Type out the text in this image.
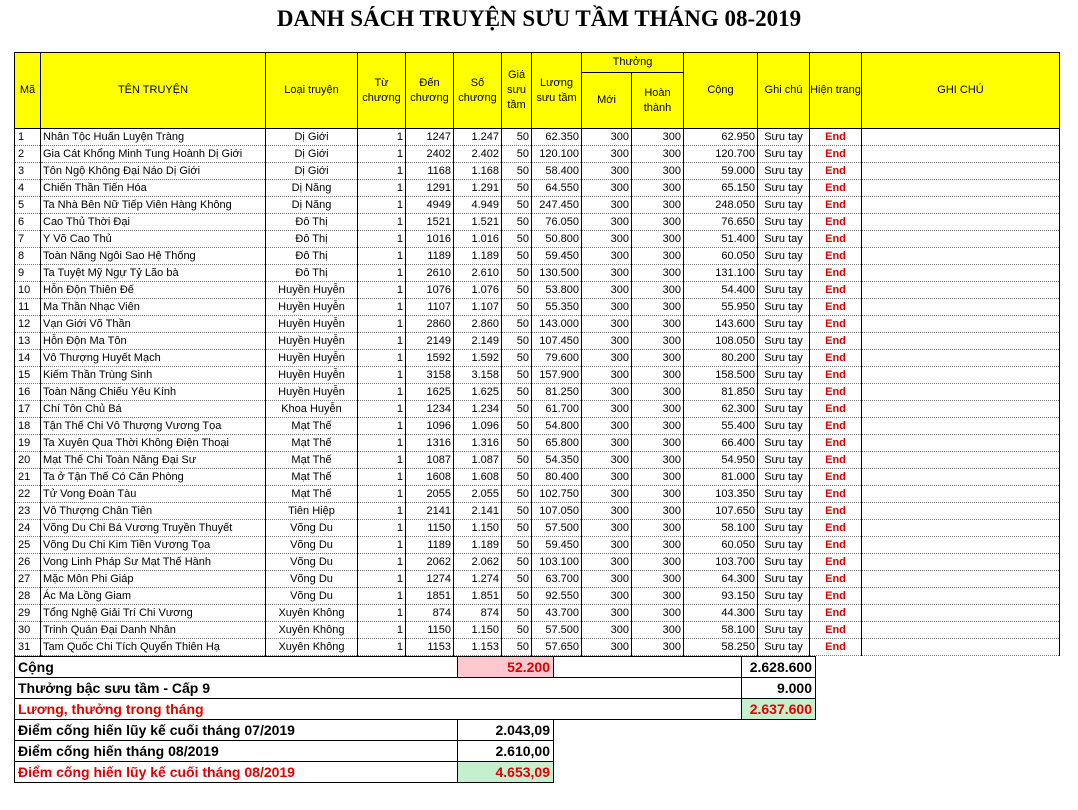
DANH SÁCH TRUYỆN SƯU TẦM THÁNG 08-2019
Mã	TÊN TRUYỆN	Loại truyện	Từ chương	Đến chương	Số chương	Giá sưu tầm	Lương sưu tầm	Thưởng		Cộng	Ghi chú	Hiện trang	GHI CHÚ
								Mới	Hoàn thành				
1	Nhân Tộc Huấn Luyện Tràng	Dị Giới	1	1247	1.247	50	62.350	300	300	62.950	Sưu tay	End	
2	Gia Cát Khổng Minh Tung Hoành Dị Giới	Dị Giới	1	2402	2.402	50	120.100	300	300	120.700	Sưu tay	End	
3	Tôn Ngộ Không Đại Náo Dị Giới	Dị Giới	1	1168	1.168	50	58.400	300	300	59.000	Sưu tay	End	
4	Chiến Thần Tiến Hóa	Dị Năng	1	1291	1.291	50	64.550	300	300	65.150	Sưu tay	End	
5	Ta Nhà Bên Nữ Tiếp Viên Hàng Không	Dị Năng	1	4949	4.949	50	247.450	300	300	248.050	Sưu tay	End	
6	Cao Thủ Thời Đại	Đô Thị	1	1521	1.521	50	76.050	300	300	76.650	Sưu tay	End	
7	Y Võ Cao Thủ	Đô Thị	1	1016	1.016	50	50.800	300	300	51.400	Sưu tay	End	
8	Toàn Năng Ngôi Sao Hệ Thống	Đô Thị	1	1189	1.189	50	59.450	300	300	60.050	Sưu tay	End	
9	Ta Tuyệt Mỹ Ngự Tỷ Lão bà	Đô Thị	1	2610	2.610	50	130.500	300	300	131.100	Sưu tay	End	
10	Hỗn Độn Thiên Đế	Huyền Huyễn	1	1076	1.076	50	53.800	300	300	54.400	Sưu tay	End	
11	Ma Thần Nhạc Viên	Huyền Huyễn	1	1107	1.107	50	55.350	300	300	55.950	Sưu tay	End	
12	Vạn Giới Võ Thần	Huyền Huyễn	1	2860	2.860	50	143.000	300	300	143.600	Sưu tay	End	
13	Hỗn Độn Ma Tôn	Huyền Huyễn	1	2149	2.149	50	107.450	300	300	108.050	Sưu tay	End	
14	Vô Thượng Huyết Mạch	Huyền Huyễn	1	1592	1.592	50	79.600	300	300	80.200	Sưu tay	End	
15	Kiếm Thần Trùng Sinh	Huyền Huyễn	1	3158	3.158	50	157.900	300	300	158.500	Sưu tay	End	
16	Toàn Năng Chiếu Yêu Kính	Huyền Huyễn	1	1625	1.625	50	81.250	300	300	81.850	Sưu tay	End	
17	Chí Tôn Chủ Bá	Khoa Huyễn	1	1234	1.234	50	61.700	300	300	62.300	Sưu tay	End	
18	Tận Thế Chi Vô Thượng Vương Tọa	Mạt Thế	1	1096	1.096	50	54.800	300	300	55.400	Sưu tay	End	
19	Ta Xuyên Qua Thời Không Điện Thoại	Mạt Thế	1	1316	1.316	50	65.800	300	300	66.400	Sưu tay	End	
20	Mạt Thế Chi Toàn Năng Đại Sư	Mạt Thế	1	1087	1.087	50	54.350	300	300	54.950	Sưu tay	End	
21	Ta ở Tận Thế Có Căn Phòng	Mạt Thế	1	1608	1.608	50	80.400	300	300	81.000	Sưu tay	End	
22	Tử Vong Đoàn Tàu	Mạt Thế	1	2055	2.055	50	102.750	300	300	103.350	Sưu tay	End	
23	Vô Thượng Chân Tiên	Tiên Hiệp	1	2141	2.141	50	107.050	300	300	107.650	Sưu tay	End	
24	Võng Du Chi Bá Vương Truyền Thuyết	Võng Du	1	1150	1.150	50	57.500	300	300	58.100	Sưu tay	End	
25	Võng Du Chi Kim Tiền Vương Tọa	Võng Du	1	1189	1.189	50	59.450	300	300	60.050	Sưu tay	End	
26	Vong Linh Pháp Sư Mạt Thế Hành	Võng Du	1	2062	2.062	50	103.100	300	300	103.700	Sưu tay	End	
27	Mặc Môn Phi Giáp	Võng Du	1	1274	1.274	50	63.700	300	300	64.300	Sưu tay	End	
28	Ác Ma Lồng Giam	Võng Du	1	1851	1.851	50	92.550	300	300	93.150	Sưu tay	End	
29	Tổng Nghệ Giải Trí Chi Vương	Xuyên Không	1	874	874	50	43.700	300	300	44.300	Sưu tay	End	
30	Trinh Quán Đại Danh Nhân	Xuyên Không	1	1150	1.150	50	57.500	300	300	58.100	Sưu tay	End	
31	Tam Quốc Chi Tích Quyển Thiên Hạ	Xuyên Không	1	1153	1.153	50	57.650	300	300	58.250	Sưu tay	End	
Cộng	52.200		2.628.600
Thưởng bậc sưu tầm - Cấp 9			9.000
Lương, thưởng trong tháng			2.637.600
Điểm cống hiến lũy kế cuối tháng 07/2019	2.043,09		
Điểm cống hiến tháng 08/2019	2.610,00		
Điểm cống hiến lũy kế cuối tháng 08/2019	4.653,09		
